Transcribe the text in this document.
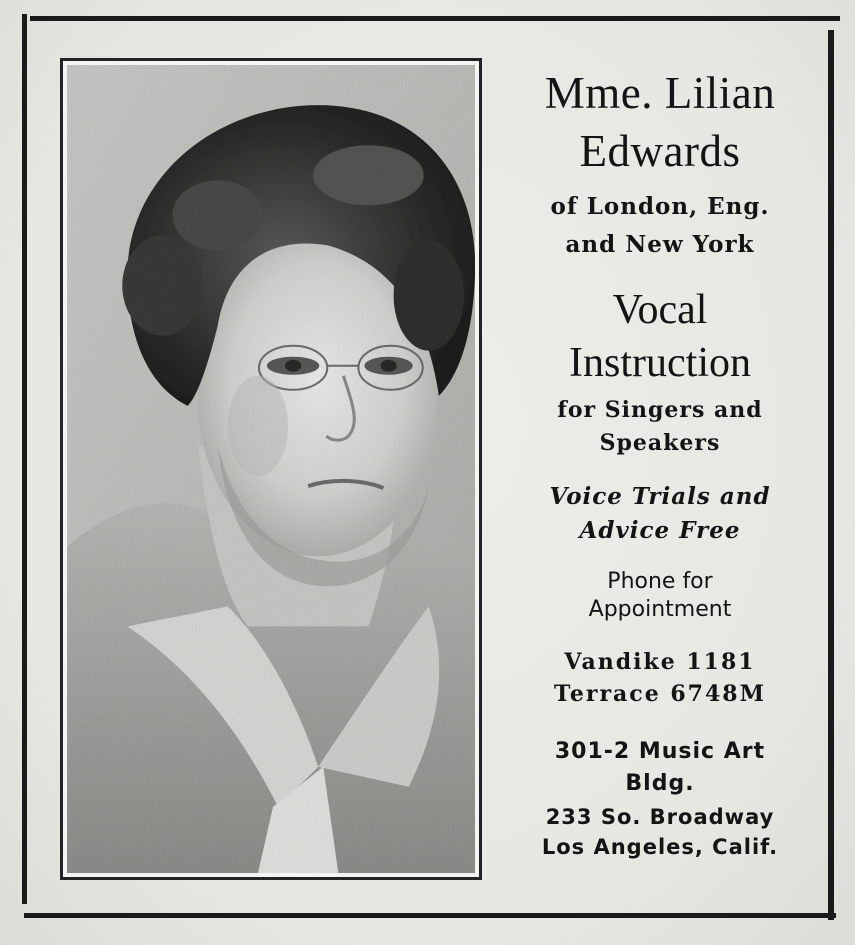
Mme. Lilian
Edwards
of London, Eng.
and New York
Vocal
Instruction
for Singers and
Speakers
Voice Trials and
Advice Free
Phone for
Appointment
Vandike 1181
Terrace 6748M
301-2 Music Art
Bldg.
233 So. Broadway
Los Angeles, Calif.
